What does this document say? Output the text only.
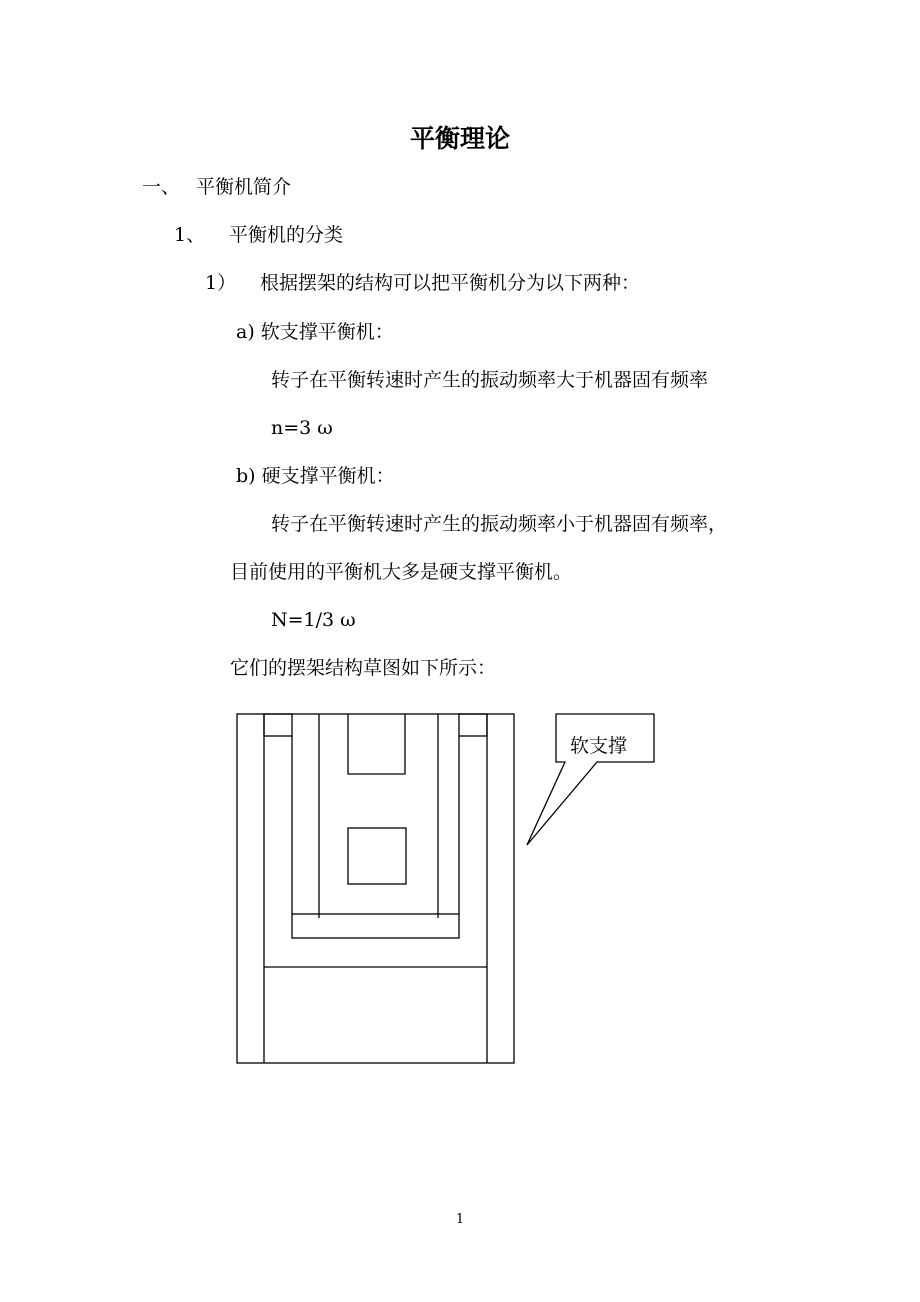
平衡理论
一、 平衡机简介
1、 平衡机的分类
1） 根据摆架的结构可以把平衡机分为以下两种：
a) 软支撑平衡机：
转子在平衡转速时产生的振动频率大于机器固有频率
n=3 ω
b) 硬支撑平衡机：
转子在平衡转速时产生的振动频率小于机器固有频率，
目前使用的平衡机大多是硬支撑平衡机。
N=1/3 ω
它们的摆架结构草图如下所示：
软支撑
1
